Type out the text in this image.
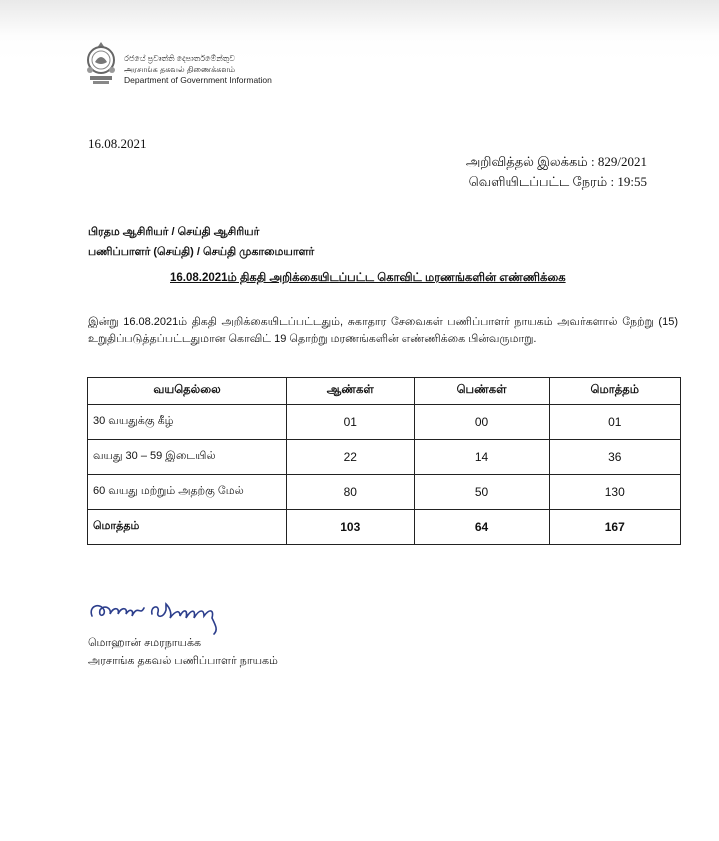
රජයේ ප්‍රවෘත්ති දෙපාර්තමේන්තුව
அரசாங்க தகவல் திணைக்களம்
Department of Government Information
16.08.2021
அறிவித்தல் இலக்கம் : 829/2021
வெளியிடப்பட்ட நேரம் : 19:55
பிரதம ஆசிரியர் / செய்தி ஆசிரியர்
பணிப்பாளர் (செய்தி) / செய்தி முகாமையாளர்
16.08.2021ம் திகதி அறிக்கையிடப்பட்ட கொவிட் மரணங்களின் எண்ணிக்கை
இன்று 16.08.2021ம் திகதி அறிக்கையிடப்பட்டதும், சுகாதார சேவைகள் பணிப்பாளர் நாயகம் அவர்களால் நேற்று (15) உறுதிப்படுத்தப்பட்டதுமான கொவிட் 19 தொற்று மரணங்களின் எண்ணிக்கை பின்வருமாறு.
வயதெல்லை	ஆண்கள்	பெண்கள்	மொத்தம்
30 வயதுக்கு கீழ்	01	00	01
வயது 30 – 59 இடையில்	22	14	36
60 வயது மற்றும் அதற்கு மேல்	80	50	130
மொத்தம்	103	64	167
மொஹான் சமரநாயக்க
அரசாங்க தகவல் பணிப்பாளர் நாயகம்
